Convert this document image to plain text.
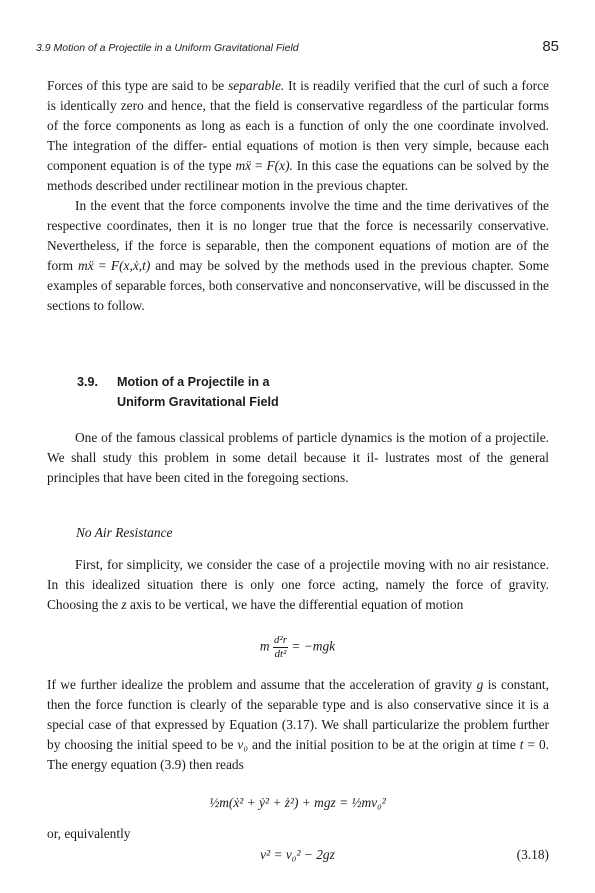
3.9 Motion of a Projectile in a Uniform Gravitational Field	85

Forces of this type are said to be separable. It is readily verified that the curl of such a force is identically zero and hence, that the field is conservative regardless of the particular forms of the force components as long as each is a function of only the one coordinate involved. The integration of the differ- ential equations of motion is then very simple, because each component equation is of the type mẍ = F(x). In this case the equations can be solved by the methods described under rectilinear motion in the previous chapter.

In the event that the force components involve the time and the time derivatives of the respective coordinates, then it is no longer true that the force is necessarily conservative. Nevertheless, if the force is separable, then the component equations of motion are of the form mẍ = F(x,ẋ,t) and may be solved by the methods used in the previous chapter. Some examples of separable forces, both conservative and nonconservative, will be discussed in the sections to follow.

3.9. Motion of a Projectile in a
Uniform Gravitational Field

One of the famous classical problems of particle dynamics is the motion of a projectile. We shall study this problem in some detail because it il- lustrates most of the general principles that have been cited in the foregoing sections.

No Air Resistance

First, for simplicity, we consider the case of a projectile moving with no air resistance. In this idealized situation there is only one force acting, namely the force of gravity. Choosing the z axis to be vertical, we have the differential equation of motion

m $\frac{\text{d²r}}{\text{dt²}} = -mgk$

If we further idealize the problem and assume that the acceleration of gravity g is constant, then the force function is clearly of the separable type and is also conservative since it is a special case of that expressed by Equation (3.17). We shall particularize the problem further by choosing the initial speed to be v₀ and the initial position to be at the origin at time t = 0. The energy equation (3.9) then reads

½m(ẋ² + ẏ² + ż²) + mgz = ½mv₀²
or, equivalently
v² = v₀² − 2gz	(3.18)
